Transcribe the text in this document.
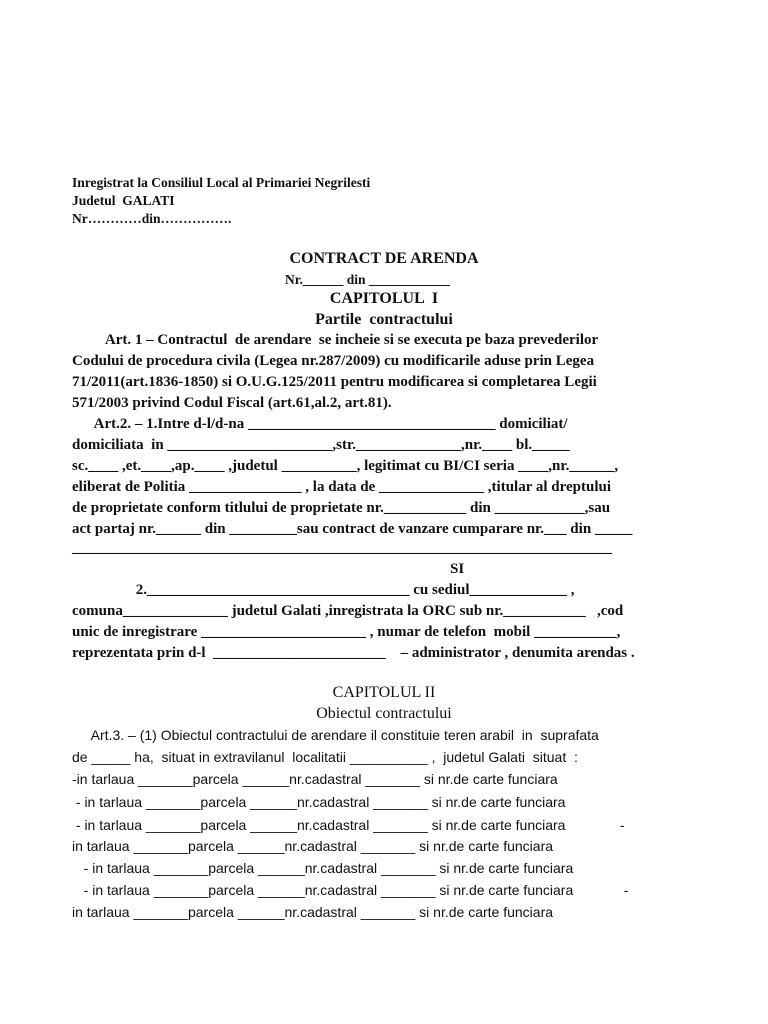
Inregistrat la Consiliul Local al Primariei Negrilesti
Judetul  GALATI
Nr…………din…………….
CONTRACT DE ARENDA
Nr.______ din ____________
CAPITOLUL  I
Partile  contractului
Art. 1 – Contractul  de arendare  se incheie si se executa pe baza prevederilor
Codului de procedura civila (Legea nr.287/2009) cu modificarile aduse prin Legea
71/2011(art.1836-1850) si O.U.G.125/2011 pentru modificarea si completarea Legii
571/2003 privind Codul Fiscal (art.61,al.2, art.81).
Art.2. – 1.Intre d-l/d-na _________________________________ domiciliat/
domiciliata  in ______________________,str.______________,nr.____ bl._____
sc.____ ,et.____,ap.____ ,judetul __________, legitimat cu BI/CI seria ____,nr.______,
eliberat de Politia _______________ , la data de ______________ ,titular al dreptului
de proprietate conform titlului de proprietate nr.___________ din ____________,sau
act partaj nr.______ din _________sau contract de vanzare cumparare nr.___ din _____
________________________________________________________________________
SI
2.___________________________________ cu sediul_____________ ,
comuna______________ judetul Galati ,inregistrata la ORC sub nr.___________   ,cod
unic de inregistrare ______________________ , numar de telefon  mobil ___________,
reprezentata prin d-l  _______________________    – administrator , denumita arendas .
CAPITOLUL II
Obiectul contractului
Art.3. – (1) Obiectul contractului de arendare il constituie teren arabil  in  suprafata
de _____ ha,  situat in extravilanul  localitatii __________ ,  judetul Galati  situat  :
-in tarlaua _______parcela ______nr.cadastral _______ si nr.de carte funciara
- in tarlaua _______parcela ______nr.cadastral _______ si nr.de carte funciara
- in tarlaua _______parcela ______nr.cadastral _______ si nr.de carte funciara              -
in tarlaua _______parcela ______nr.cadastral _______ si nr.de carte funciara
- in tarlaua _______parcela ______nr.cadastral _______ si nr.de carte funciara
- in tarlaua _______parcela ______nr.cadastral _______ si nr.de carte funciara             -
in tarlaua _______parcela ______nr.cadastral _______ si nr.de carte funciara
